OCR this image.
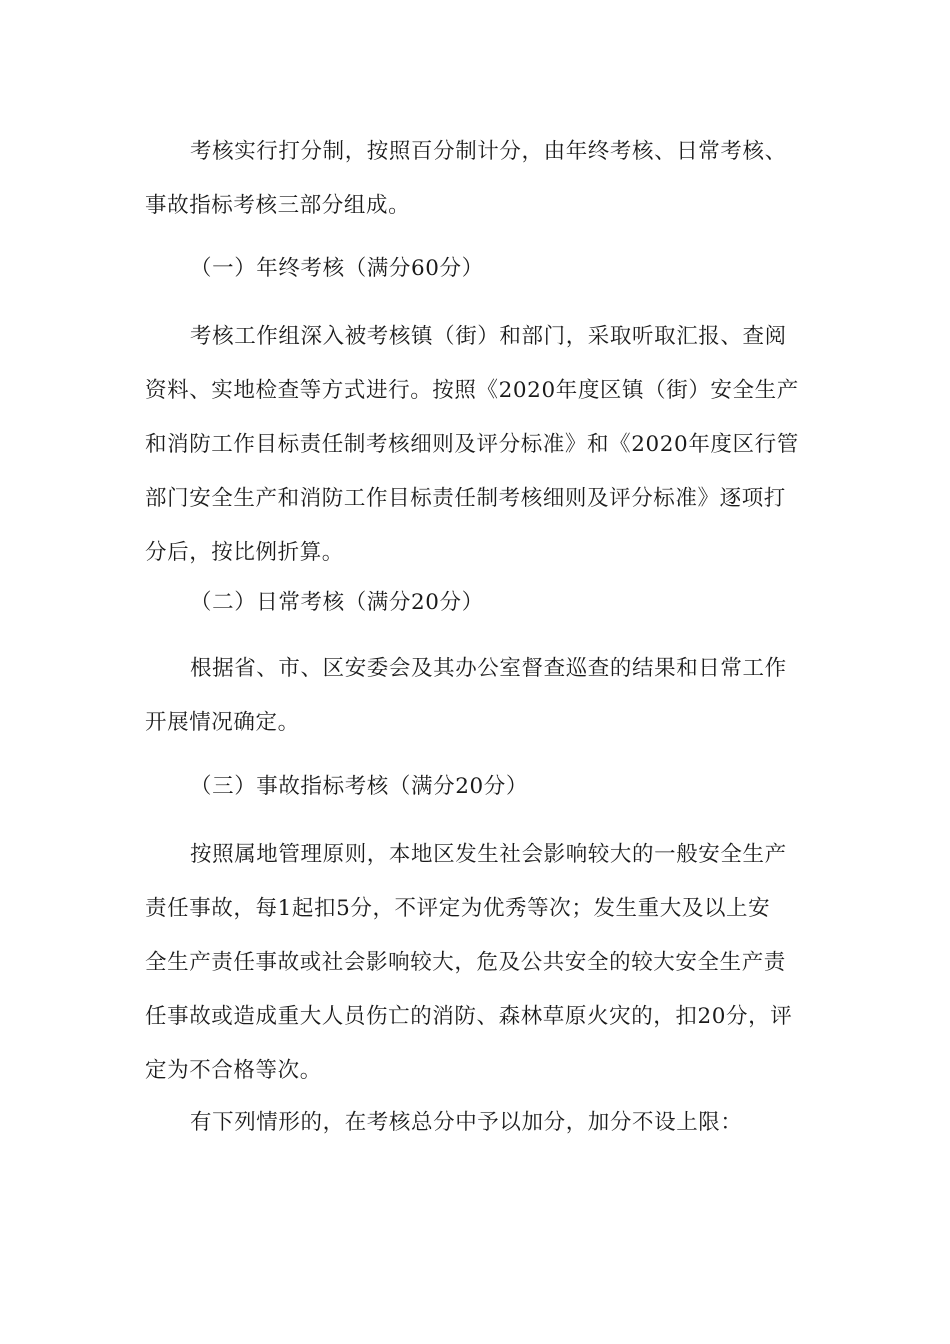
考核实行打分制，按照百分制计分，由年终考核、日常考核、
事故指标考核三部分组成。
（一）年终考核（满分60分）
考核工作组深入被考核镇（街）和部门，采取听取汇报、查阅
资料、实地检查等方式进行。按照《2020年度区镇（街）安全生产
和消防工作目标责任制考核细则及评分标准》和《2020年度区行管
部门安全生产和消防工作目标责任制考核细则及评分标准》逐项打
分后，按比例折算。
（二）日常考核（满分20分）
根据省、市、区安委会及其办公室督查巡查的结果和日常工作
开展情况确定。
（三）事故指标考核（满分20分）
按照属地管理原则，本地区发生社会影响较大的一般安全生产
责任事故，每1起扣5分，不评定为优秀等次；发生重大及以上安
全生产责任事故或社会影响较大，危及公共安全的较大安全生产责
任事故或造成重大人员伤亡的消防、森林草原火灾的，扣20分，评
定为不合格等次。
有下列情形的，在考核总分中予以加分，加分不设上限：
